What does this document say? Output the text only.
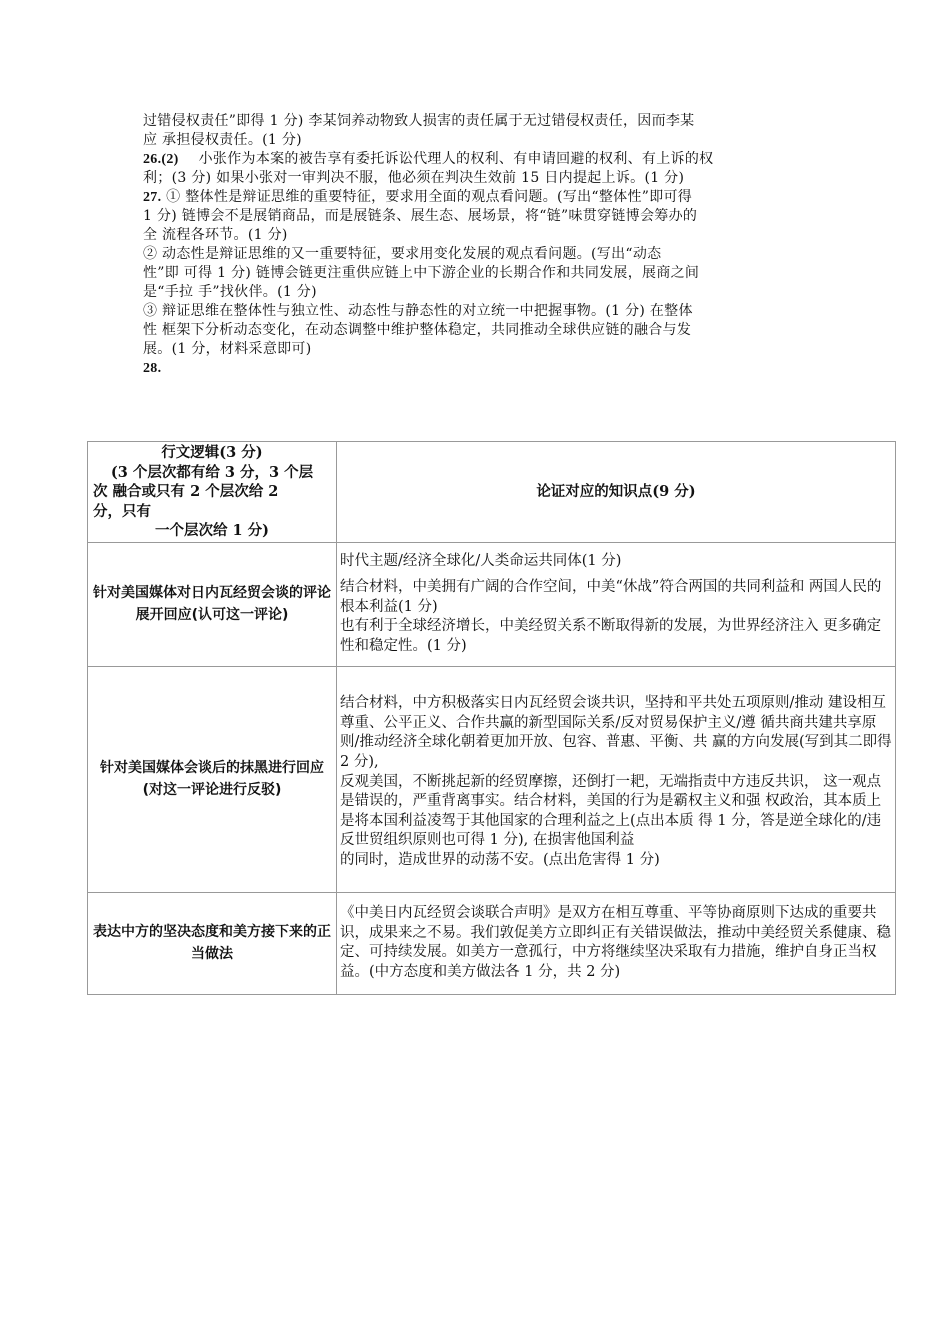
过错侵权责任”即得 1 分) 李某饲养动物致人损害的责任属于无过错侵权责任，因而李某

应 承担侵权责任。(1 分)

26.(2) 小张作为本案的被告享有委托诉讼代理人的权利、有申请回避的权利、有上诉的权

利；(3 分) 如果小张对一审判决不服，他必须在判决生效前 15 日内提起上诉。(1 分)

27. ① 整体性是辩证思维的重要特征，要求用全面的观点看问题。(写出“整体性”即可得

1 分) 链博会不是展销商品，而是展链条、展生态、展场景，将“链”味贯穿链博会筹办的

全 流程各环节。(1 分)

② 动态性是辩证思维的又一重要特征，要求用变化发展的观点看问题。(写出“动态

性”即 可得 1 分) 链博会链更注重供应链上中下游企业的长期合作和共同发展，展商之间

是“手拉 手”找伙伴。(1 分)

③ 辩证思维在整体性与独立性、动态性与静态性的对立统一中把握事物。(1 分) 在整体

性 框架下分析动态变化，在动态调整中维护整体稳定，共同推动全球供应链的融合与发

展。(1 分，材料采意即可)

28.

行文逻辑(3 分)
(3 个层次都有给 3 分，3 个层
次 融合或只有 2 个层次给 2
分，只有
一个层次给 1 分)	论证对应的知识点(9 分)
针对美国媒体对日内瓦经贸会谈的评论展开回应(认可这一评论)	时代主题/经济全球化/人类命运共同体(1 分)

结合材料，中美拥有广阔的合作空间，中美“休战”符合两国的共同利益和 两国人民的根本利益(1 分)

也有利于全球经济增长，中美经贸关系不断取得新的发展，为世界经济注入 更多确定性和稳定性。(1 分)

针对美国媒体会谈后的抹黑进行回应(对这一评论进行反驳)	结合材料，中方积极落实日内瓦经贸会谈共识，坚持和平共处五项原则/推动 建设相互尊重、公平正义、合作共赢的新型国际关系/反对贸易保护主义/遵 循共商共建共享原则/推动经济全球化朝着更加开放、包容、普惠、平衡、共 赢的方向发展(写到其二即得 2 分),

反观美国，不断挑起新的经贸摩擦，还倒打一耙，无端指责中方违反共识， 这一观点是错误的，严重背离事实。结合材料，美国的行为是霸权主义和强 权政治，其本质上是将本国利益凌驾于其他国家的合理利益之上(点出本质 得 1 分，答是逆全球化的/违反世贸组织原则也可得 1 分), 在损害他国利益

的同时，造成世界的动荡不安。(点出危害得 1 分)

表达中方的坚决态度和美方接下来的正当做法	《中美日内瓦经贸会谈联合声明》是双方在相互尊重、平等协商原则下达成的重要共识，成果来之不易。我们敦促美方立即纠正有关错误做法，推动中美经贸关系健康、稳定、可持续发展。如美方一意孤行，中方将继续坚决采取有力措施，维护自身正当权益。(中方态度和美方做法各 1 分，共 2 分)
